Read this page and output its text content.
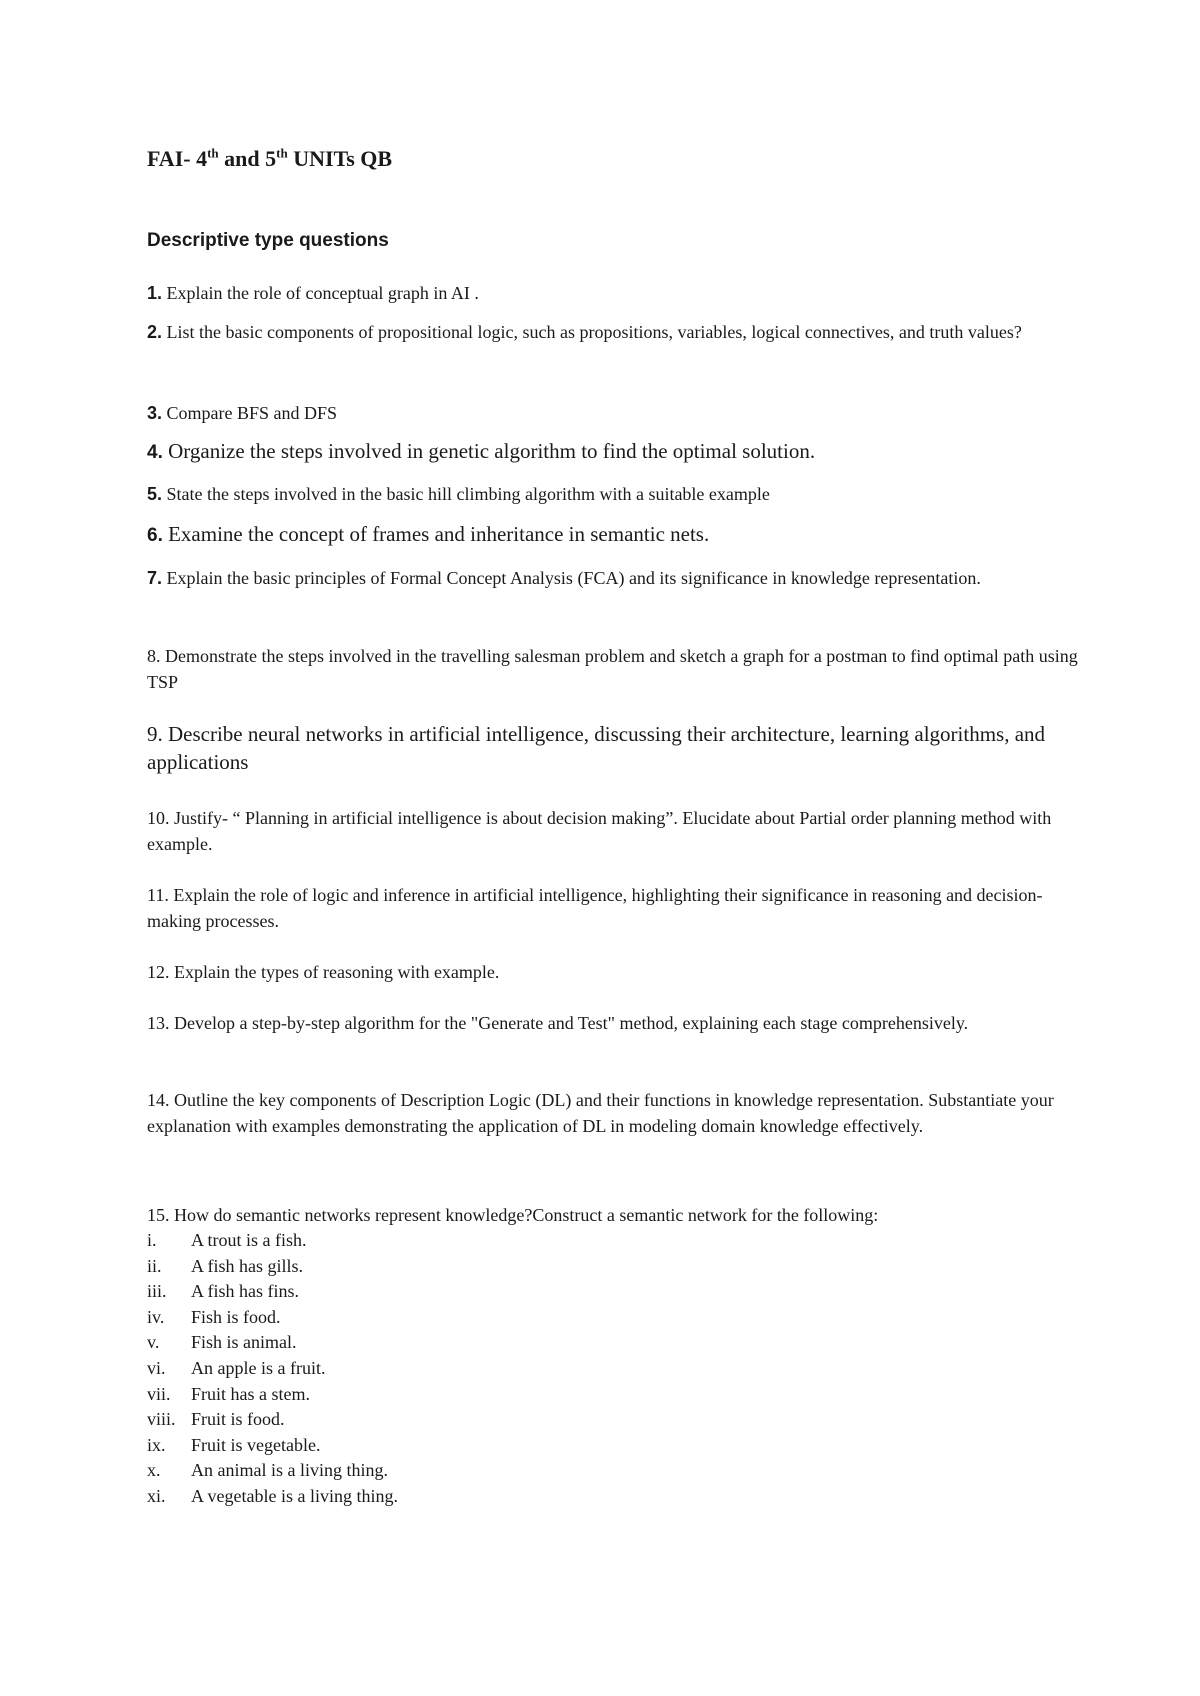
FAI- 4th and 5th UNITs QB
Descriptive type questions
1. Explain the role of conceptual graph in AI .
2. List the basic components of propositional logic, such as propositions, variables, logical connectives, and truth values?
3. Compare BFS and DFS
4. Organize the steps involved in genetic algorithm to find the optimal solution.
5. State the steps involved in the basic hill climbing algorithm with a suitable example
6. Examine the concept of frames and inheritance in semantic nets.
7. Explain the basic principles of Formal Concept Analysis (FCA) and its significance in knowledge representation.
8. Demonstrate the steps involved in the travelling salesman problem and sketch a graph for a postman to find optimal path using TSP
9. Describe neural networks in artificial intelligence, discussing their architecture, learning algorithms, and applications
10. Justify- “ Planning in artificial intelligence is about decision making”. Elucidate about Partial order planning method with example.
11. Explain the role of logic and inference in artificial intelligence, highlighting their significance in reasoning and decision-making processes.
12. Explain the types of reasoning with example.
13. Develop a step-by-step algorithm for the "Generate and Test" method, explaining each stage comprehensively.
14. Outline the key components of Description Logic (DL) and their functions in knowledge representation. Substantiate your explanation with examples demonstrating the application of DL in modeling domain knowledge effectively.
15. How do semantic networks represent knowledge?Construct a semantic network for the following:
i.	A trout is a fish.
ii.	A fish has gills.
iii.	A fish has fins.
iv.	Fish is food.
v.	Fish is animal.
vi.	An apple is a fruit.
vii.	Fruit has a stem.
viii. Fruit is food.
ix.	Fruit is vegetable.
x.	An animal is a living thing.
xi.	A vegetable is a living thing.
